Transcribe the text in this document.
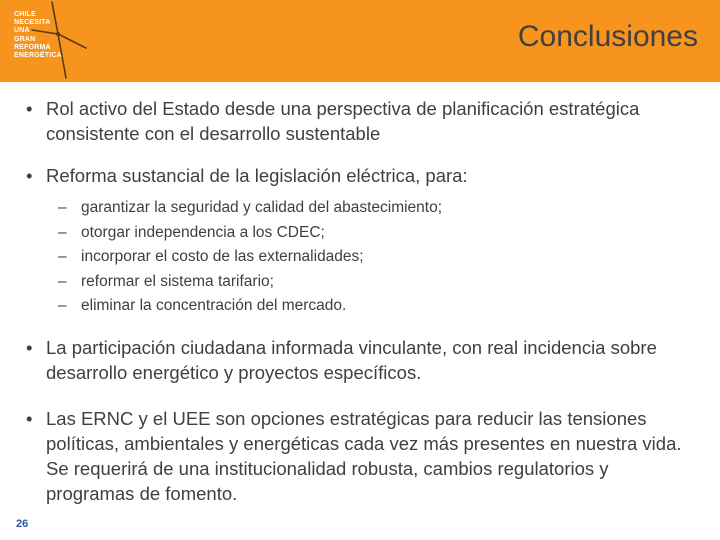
CHILE
NECESITA
UNA
GRAN
REFORMA
ENERGÉTICA
Conclusiones
• Rol activo del Estado desde una perspectiva de planificación estratégica consistente con el desarrollo sustentable
• Reforma sustancial de la legislación eléctrica, para:
– garantizar la seguridad y calidad del abastecimiento;
– otorgar independencia a los CDEC;
– incorporar el costo de las externalidades;
– reformar el sistema tarifario;
– eliminar la concentración del mercado.
• La participación ciudadana informada vinculante, con real incidencia sobre desarrollo energético y proyectos específicos.
• Las ERNC y el UEE son opciones estratégicas para reducir las tensiones políticas, ambientales y energéticas cada vez más presentes en nuestra vida. Se requerirá de una institucionalidad robusta, cambios regulatorios y programas de fomento.
26
